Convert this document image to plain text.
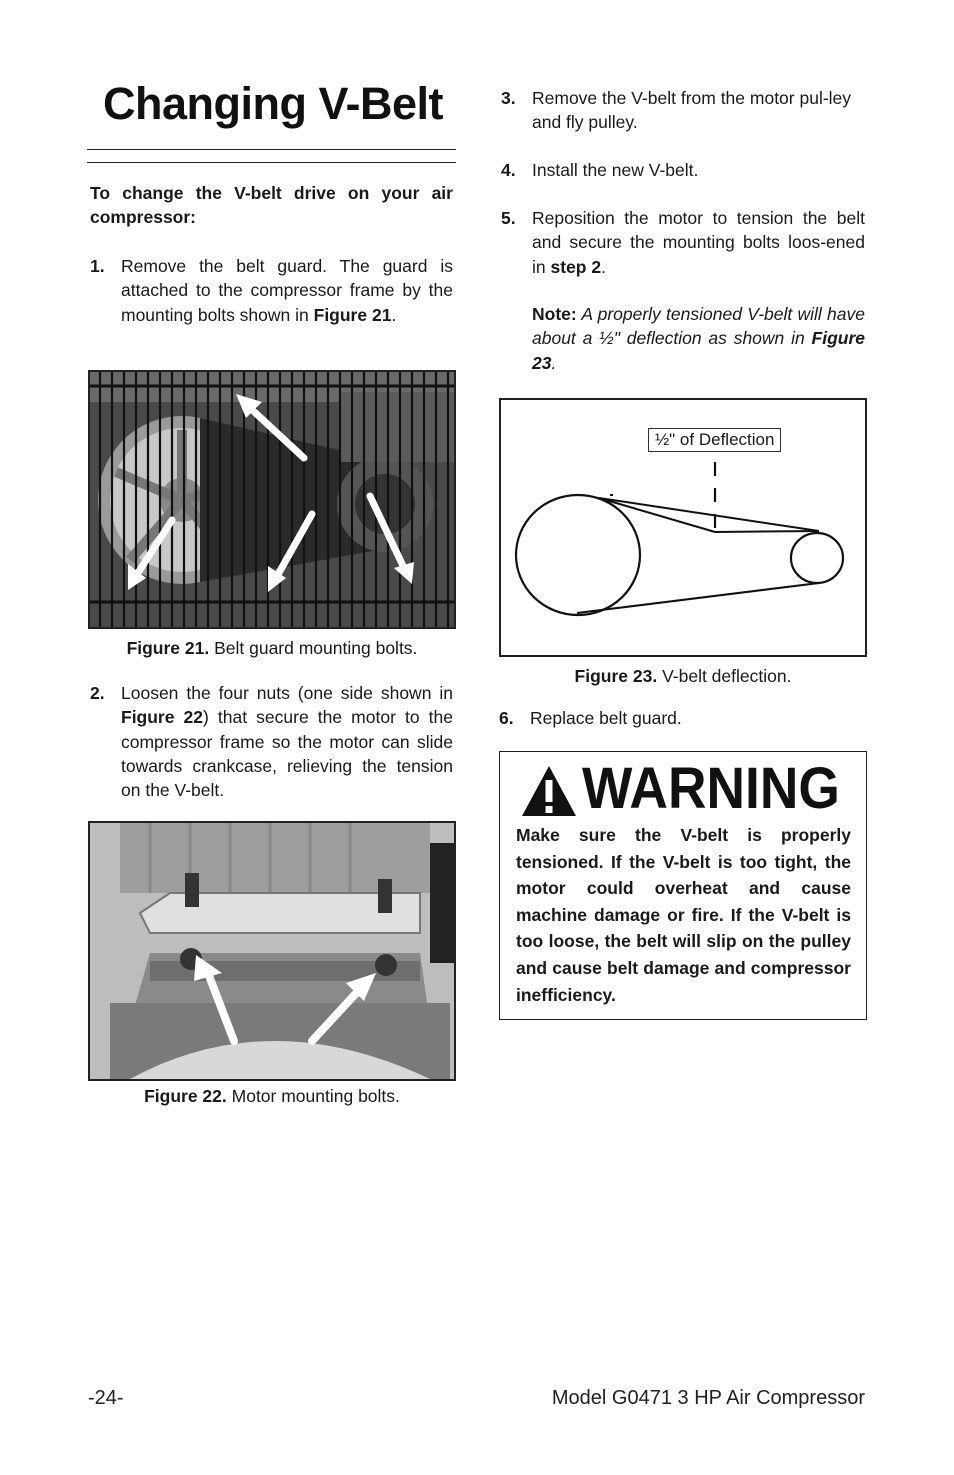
Changing V-Belt
To change the V-belt drive on your air compressor:
1. Remove the belt guard. The guard is attached to the compressor frame by the mounting bolts shown in Figure 21.
Figure 21. Belt guard mounting bolts.
2. Loosen the four nuts (one side shown in Figure 22) that secure the motor to the compressor frame so the motor can slide towards crankcase, relieving the tension on the V-belt.
Figure 22. Motor mounting bolts.
3. Remove the V-belt from the motor pul-ley and fly pulley.
4. Install the new V-belt.
5. Reposition the motor to tension the belt and secure the mounting bolts loos-ened in step 2.
Note: A properly tensioned V-belt will have about a ½" deflection as shown in Figure 23.
½" of Deflection
Figure 23. V-belt deflection.
6. Replace belt guard.
WARNING
Make sure the V-belt is properly tensioned. If the V-belt is too tight, the motor could overheat and cause machine damage or fire. If the V-belt is too loose, the belt will slip on the pulley and cause belt damage and compressor inefficiency.
-24-	Model G0471 3 HP Air Compressor
